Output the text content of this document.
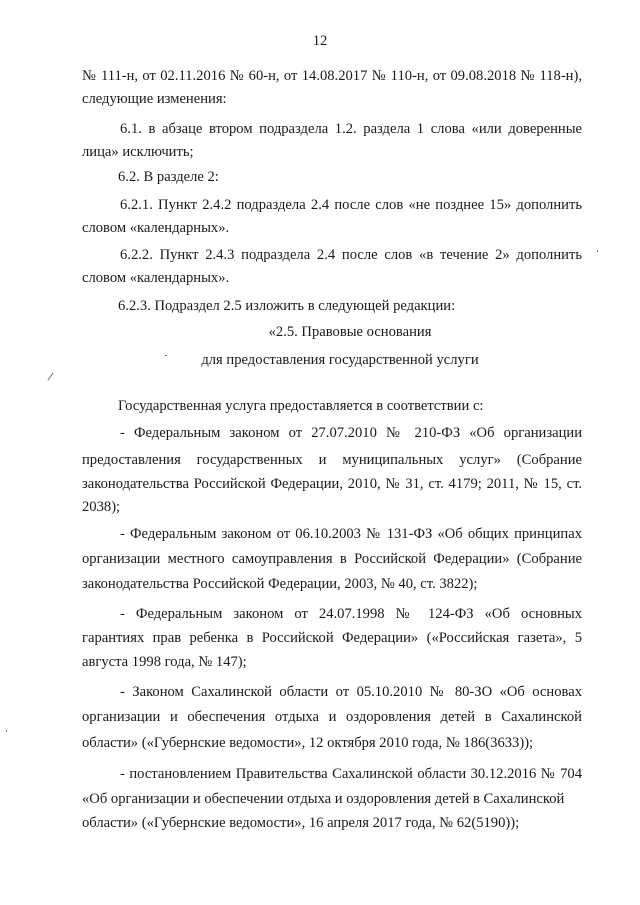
12
№ 111-н, от 02.11.2016 № 60-н, от 14.08.2017 № 110-н, от 09.08.2018 № 118-н),
следующие изменения:
6.1. в абзаце втором подраздела 1.2. раздела 1 слова «или доверенные
лица» исключить;
6.2. В разделе 2:
6.2.1. Пункт 2.4.2 подраздела 2.4 после слов «не позднее 15» дополнить
словом «календарных».
6.2.2. Пункт 2.4.3 подраздела 2.4 после слов «в течение 2» дополнить
словом «календарных».
6.2.3. Подраздел 2.5 изложить в следующей редакции:
«2.5. Правовые основания
для предоставления государственной услуги
Государственная услуга предоставляется в соответствии с:
- Федеральным законом от 27.07.2010 № 210-ФЗ «Об организации
предоставления государственных и муниципальных услуг» (Собрание
законодательства Российской Федерации, 2010, № 31, ст. 4179; 2011, № 15, ст.
2038);
- Федеральным законом от 06.10.2003 № 131-ФЗ «Об общих принципах
организации местного самоуправления в Российской Федерации» (Собрание
законодательства Российской Федерации, 2003, № 40, ст. 3822);
- Федеральным законом от 24.07.1998 № 124-ФЗ «Об основных
гарантиях прав ребенка в Российской Федерации» («Российская газета», 5
августа 1998 года, № 147);
- Законом Сахалинской области от 05.10.2010 № 80-ЗО «Об основах
организации и обеспечения отдыха и оздоровления детей в Сахалинской
области» («Губернские ведомости», 12 октября 2010 года, № 186(3633));
- постановлением Правительства Сахалинской области 30.12.2016 № 704
«Об организации и обеспечении отдыха и оздоровления детей в Сахалинской
области» («Губернские ведомости», 16 апреля 2017 года, № 62(5190));
